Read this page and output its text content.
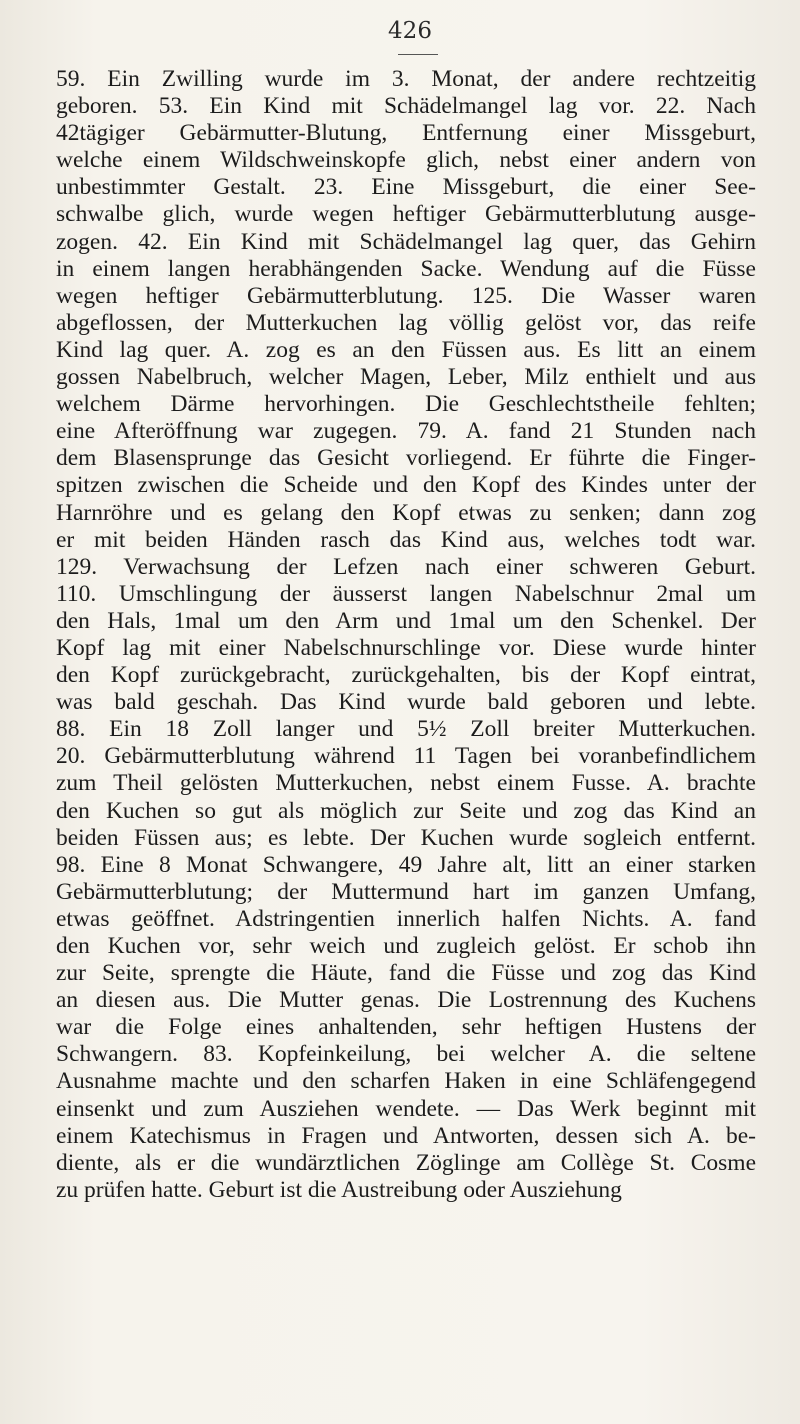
426
59. Ein Zwilling wurde im 3. Monat, der andere rechtzeitig
geboren. 53. Ein Kind mit Schädelmangel lag vor. 22. Nach
42tägiger Gebärmutter-Blutung, Entfernung einer Missgeburt,
welche einem Wildschweinskopfe glich, nebst einer andern von
unbestimmter Gestalt. 23. Eine Missgeburt, die einer See-
schwalbe glich, wurde wegen heftiger Gebärmutterblutung ausge-
zogen. 42. Ein Kind mit Schädelmangel lag quer, das Gehirn
in einem langen herabhängenden Sacke. Wendung auf die Füsse
wegen heftiger Gebärmutterblutung. 125. Die Wasser waren
abgeflossen, der Mutterkuchen lag völlig gelöst vor, das reife
Kind lag quer. A. zog es an den Füssen aus. Es litt an einem
gossen Nabelbruch, welcher Magen, Leber, Milz enthielt und aus
welchem Därme hervorhingen. Die Geschlechtstheile fehlten;
eine Afteröffnung war zugegen. 79. A. fand 21 Stunden nach
dem Blasensprunge das Gesicht vorliegend. Er führte die Finger-
spitzen zwischen die Scheide und den Kopf des Kindes unter der
Harnröhre und es gelang den Kopf etwas zu senken; dann zog
er mit beiden Händen rasch das Kind aus, welches todt war.
129. Verwachsung der Lefzen nach einer schweren Geburt.
110. Umschlingung der äusserst langen Nabelschnur 2mal um
den Hals, 1mal um den Arm und 1mal um den Schenkel. Der
Kopf lag mit einer Nabelschnurschlinge vor. Diese wurde hinter
den Kopf zurückgebracht, zurückgehalten, bis der Kopf eintrat,
was bald geschah. Das Kind wurde bald geboren und lebte.
88. Ein 18 Zoll langer und 5½ Zoll breiter Mutterkuchen.
20. Gebärmutterblutung während 11 Tagen bei voranbefindlichem
zum Theil gelösten Mutterkuchen, nebst einem Fusse. A. brachte
den Kuchen so gut als möglich zur Seite und zog das Kind an
beiden Füssen aus; es lebte. Der Kuchen wurde sogleich entfernt.
98. Eine 8 Monat Schwangere, 49 Jahre alt, litt an einer starken
Gebärmutterblutung; der Muttermund hart im ganzen Umfang,
etwas geöffnet. Adstringentien innerlich halfen Nichts. A. fand
den Kuchen vor, sehr weich und zugleich gelöst. Er schob ihn
zur Seite, sprengte die Häute, fand die Füsse und zog das Kind
an diesen aus. Die Mutter genas. Die Lostrennung des Kuchens
war die Folge eines anhaltenden, sehr heftigen Hustens der
Schwangern. 83. Kopfeinkeilung, bei welcher A. die seltene
Ausnahme machte und den scharfen Haken in eine Schläfengegend
einsenkt und zum Ausziehen wendete. — Das Werk beginnt mit
einem Katechismus in Fragen und Antworten, dessen sich A. be-
diente, als er die wundärztlichen Zöglinge am Collège St. Cosme
zu prüfen hatte. Geburt ist die Austreibung oder Ausziehung
